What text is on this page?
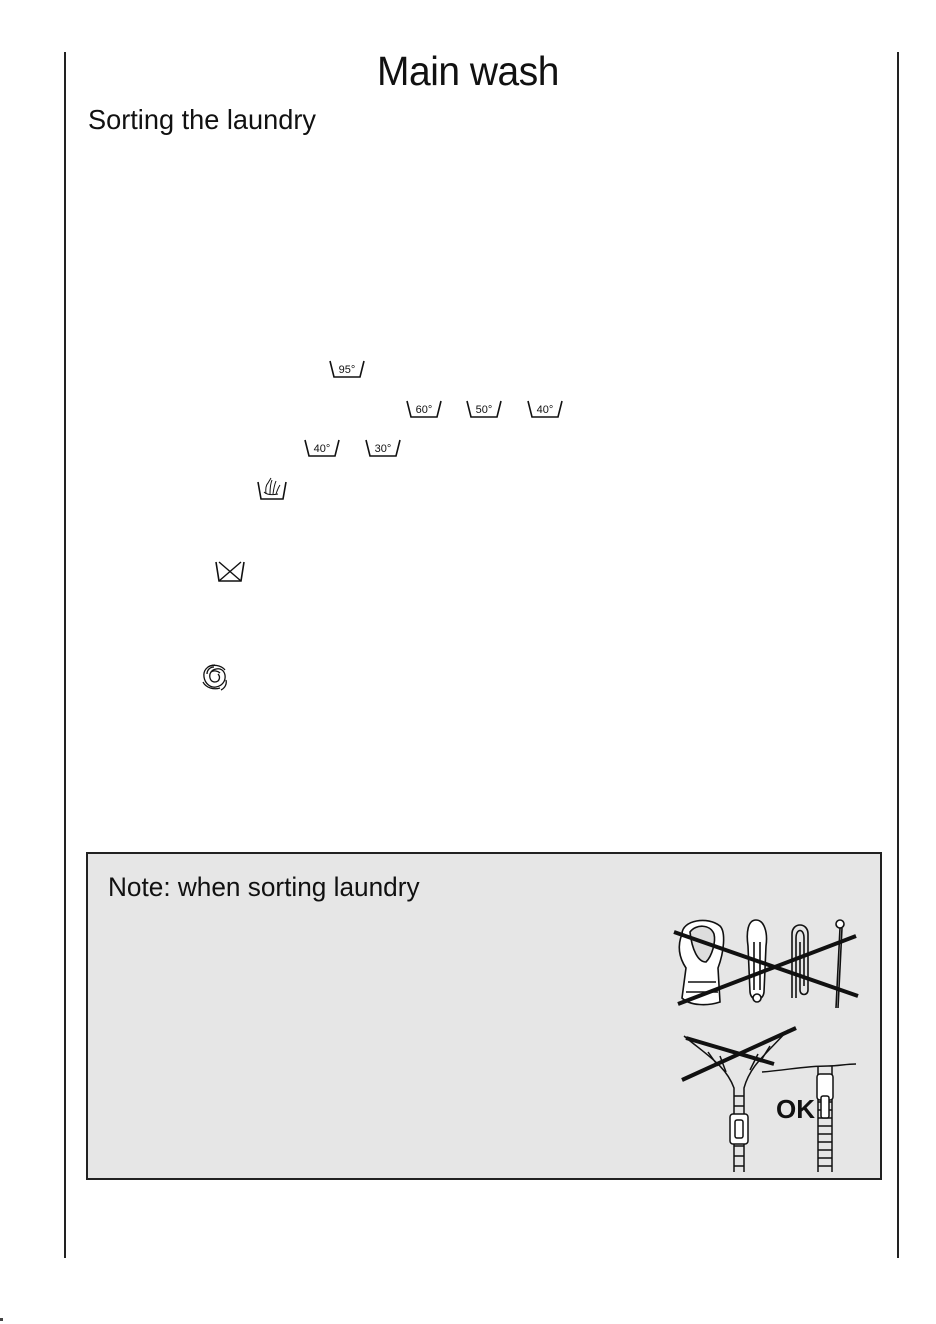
Main wash
Sorting the laundry
95°
60°	50°	40°
40°	30°
Note: when sorting laundry
OK
